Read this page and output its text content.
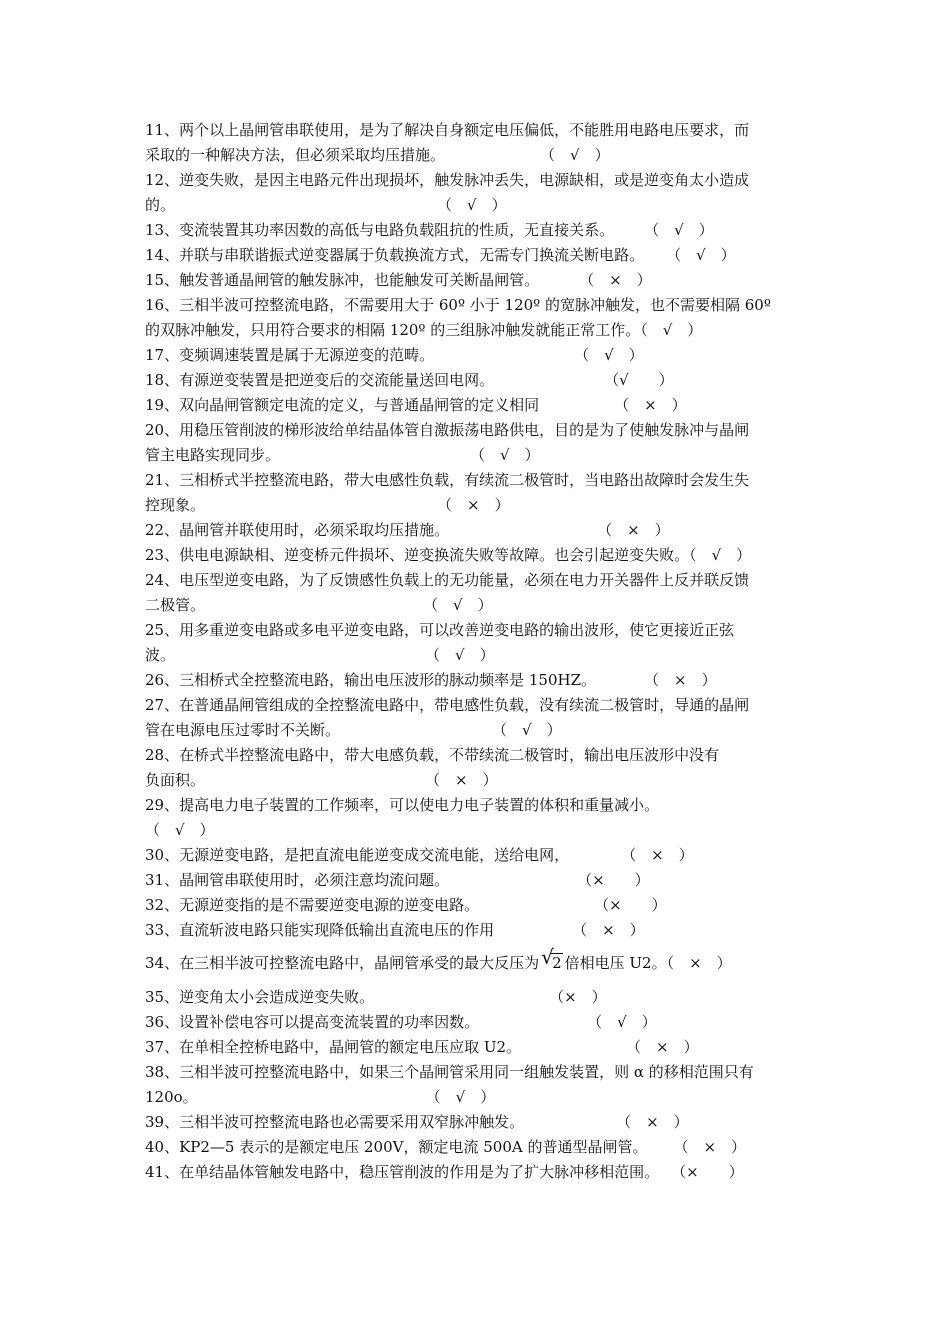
11、两个以上晶闸管串联使用，是为了解决自身额定电压偏低，不能胜用电路电压要求，而
采取的一种解决方法，但必须采取均压措施。	（　√　）
12、逆变失败，是因主电路元件出现损坏，触发脉冲丢失，电源缺相，或是逆变角太小造成
的。	（　√　）
13、变流装置其功率因数的高低与电路负载阻抗的性质，无直接关系。 （　√　）
14、并联与串联谐振式逆变器属于负载换流方式，无需专门换流关断电路。 （　√　）
15、触发普通晶闸管的触发脉冲，也能触发可关断晶闸管。	（　×　）
16、三相半波可控整流电路，不需要用大于 60º 小于 120º 的宽脉冲触发，也不需要相隔 60º
的双脉冲触发，只用符合要求的相隔 120º 的三组脉冲触发就能正常工作。（　√　）
17、变频调速装置是属于无源逆变的范畴。	（　√　）
18、有源逆变装置是把逆变后的交流能量送回电网。	（√　　）
19、双向晶闸管额定电流的定义，与普通晶闸管的定义相同	（　×　）
20、用稳压管削波的梯形波给单结晶体管自激振荡电路供电，目的是为了使触发脉冲与晶闸
管主电路实现同步。	（　√　）
21、三相桥式半控整流电路，带大电感性负载，有续流二极管时，当电路出故障时会发生失
控现象。	（　×　）
22、晶闸管并联使用时，必须采取均压措施。	（　×　）
23、供电电源缺相、逆变桥元件损坏、逆变换流失败等故障。也会引起逆变失败。（　√　）
24、电压型逆变电路，为了反馈感性负载上的无功能量，必须在电力开关器件上反并联反馈
二极管。	（　√　）
25、用多重逆变电路或多电平逆变电路，可以改善逆变电路的输出波形，使它更接近正弦
波。	（　√　）
26、三相桥式全控整流电路，输出电压波形的脉动频率是 150HZ。	（　×　）
27、在普通晶闸管组成的全控整流电路中，带电感性负载，没有续流二极管时，导通的晶闸
管在电源电压过零时不关断。	（　√　）
28、在桥式半控整流电路中，带大电感负载，不带续流二极管时，输出电压波形中没有
负面积。	（　×　）
29、提高电力电子装置的工作频率，可以使电力电子装置的体积和重量减小。
（　√　）
30、无源逆变电路，是把直流电能逆变成交流电能，送给电网，	（　×　）
31、晶闸管串联使用时，必须注意均流问题。	（×　　）
32、无源逆变指的是不需要逆变电源的逆变电路。	（×　　）
33、直流斩波电路只能实现降低输出直流电压的作用	（　×　）
34、在三相半波可控整流电路中，晶闸管承受的最大反压为 √
2 倍相电压 U2。（　×　）
35、逆变角太小会造成逆变失败。	（×　）
36、设置补偿电容可以提高变流装置的功率因数。	（　√　）
37、在单相全控桥电路中，晶闸管的额定电压应取 U2。	（　×　）
38、三相半波可控整流电路中，如果三个晶闸管采用同一组触发装置，则 α 的移相范围只有
120o。	（　√　）
39、三相半波可控整流电路也必需要采用双窄脉冲触发。	（　×　）
40、KP2—5 表示的是额定电压 200V，额定电流 500A 的普通型晶闸管。 （　×　）
41、在单结晶体管触发电路中，稳压管削波的作用是为了扩大脉冲移相范围。 （×　　）
